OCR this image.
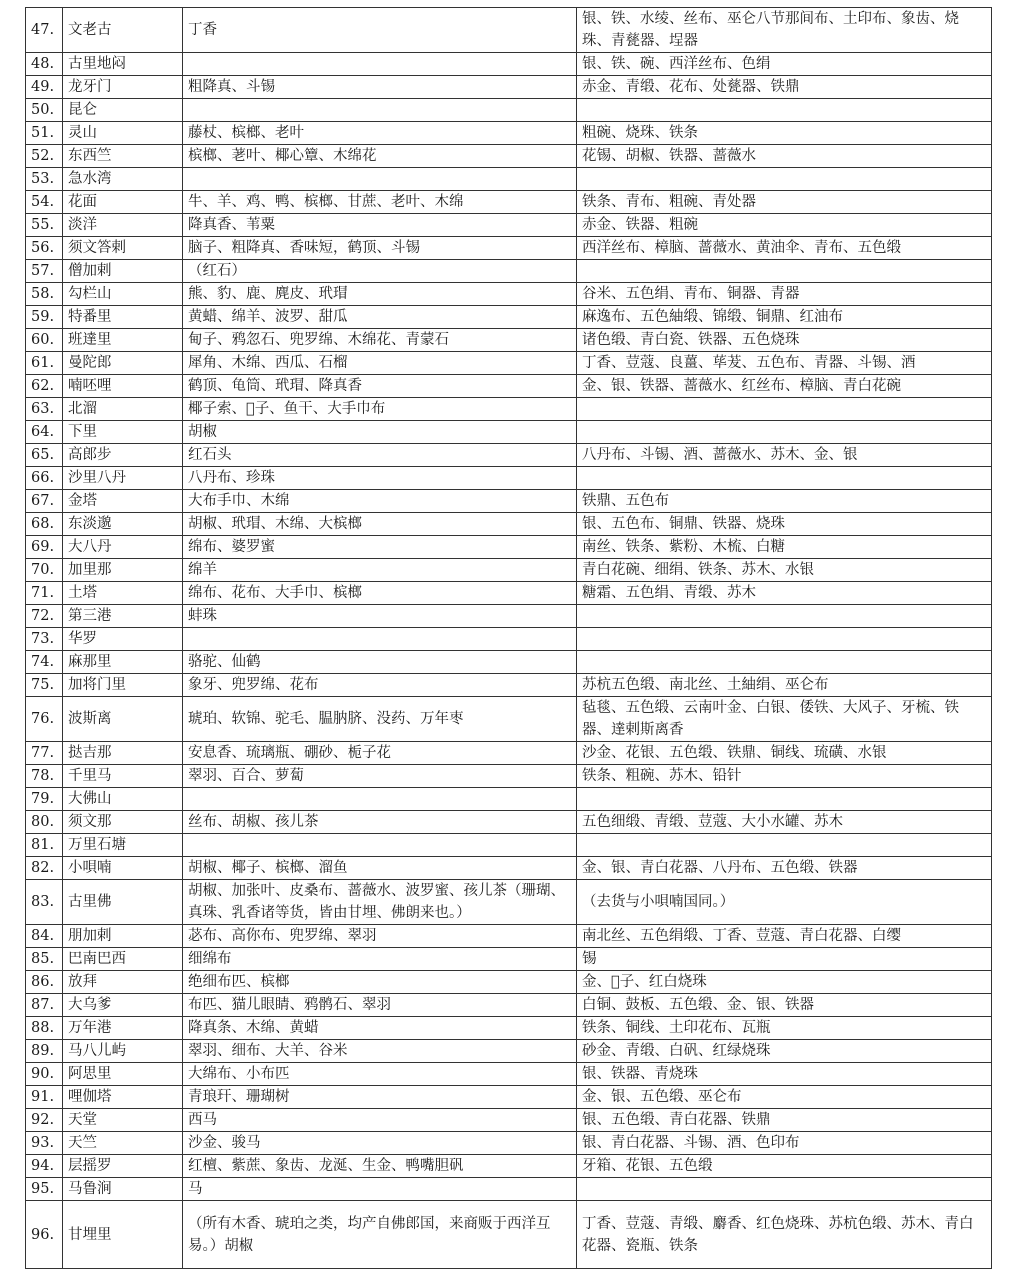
47.	文老古	丁香	银、铁、水绫、丝布、巫仑八节那间布、土印布、象齿、烧珠、青甆器、埕器
48.	古里地闷		银、铁、碗、西洋丝布、色绢
49.	龙牙门	粗降真、斗锡	赤金、青缎、花布、处甆器、铁鼎
50.	昆仑		
51.	灵山	藤杖、槟榔、老叶	粗碗、烧珠、铁条
52.	东西竺	槟榔、荖叶、椰心簟、木绵花	花锡、胡椒、铁器、蔷薇水
53.	急水湾		
54.	花面	牛、羊、鸡、鸭、槟榔、甘蔗、老叶、木绵	铁条、青布、粗碗、青处器
55.	淡洋	降真香、苇粟	赤金、铁器、粗碗
56.	须文答剌	脑子、粗降真、香味短，鹤顶、斗锡	西洋丝布、樟脑、蔷薇水、黄油伞、青布、五色缎
57.	僧加剌	（红石）	
58.	勾栏山	熊、豹、鹿、麂皮、玳瑁	谷米、五色绢、青布、铜器、青器
59.	特番里	黄蜡、绵羊、波罗、甜瓜	麻逸布、五色紬缎、锦缎、铜鼎、红油布
60.	班達里	甸子、鸦忽石、兜罗绵、木绵花、青蒙石	诸色缎、青白瓷、铁器、五色烧珠
61.	曼陀郎	犀角、木绵、西瓜、石榴	丁香、荳蔻、良薑、荜茇、五色布、青器、斗锡、酒
62.	喃呸哩	鹤顶、龟筒、玳瑁、降真香	金、银、铁器、蔷薇水、红丝布、樟脑、青白花碗
63.	北溜	椰子索、𧴩子、鱼干、大手巾布	
64.	下里	胡椒	
65.	高郎步	红石头	八丹布、斗锡、酒、蔷薇水、苏木、金、银
66.	沙里八丹	八丹布、珍珠	
67.	金塔	大布手巾、木绵	铁鼎、五色布
68.	东淡邈	胡椒、玳瑁、木绵、大槟榔	银、五色布、铜鼎、铁器、烧珠
69.	大八丹	绵布、婆罗蜜	南丝、铁条、紫粉、木梳、白糖
70.	加里那	绵羊	青白花碗、细绢、铁条、苏木、水银
71.	土塔	绵布、花布、大手巾、槟榔	糖霜、五色绢、青缎、苏木
72.	第三港	蚌珠	
73.	华罗		
74.	麻那里	骆驼、仙鹤	
75.	加将门里	象牙、兜罗绵、花布	苏杭五色缎、南北丝、土紬绢、巫仑布
76.	波斯离	琥珀、软锦、驼毛、腽肭脐、没药、万年枣	毡毯、五色缎、云南叶金、白银、倭铁、大风子、牙梳、铁器、達剌斯离香
77.	挞吉那	安息香、琉璃瓶、硼砂、栀子花	沙金、花银、五色缎、铁鼎、铜线、琉磺、水银
78.	千里马	翠羽、百合、萝蔔	铁条、粗碗、苏木、铅针
79.	大佛山		
80.	须文那	丝布、胡椒、孩儿茶	五色细缎、青缎、荳蔻、大小水罐、苏木
81.	万里石塘		
82.	小唄喃	胡椒、椰子、槟榔、溜鱼	金、银、青白花器、八丹布、五色缎、铁器
83.	古里佛	胡椒、加张叶、皮桑布、蔷薇水、波罗蜜、孩儿茶（珊瑚、真珠、乳香诸等货，皆由甘埋、佛朗来也。）	（去货与小唄喃国同。）
84.	朋加剌	苾布、高你布、兜罗绵、翠羽	南北丝、五色绢缎、丁香、荳蔻、青白花器、白缨
85.	巴南巴西	细绵布	锡
86.	放拜	绝细布匹、槟榔	金、𧴩子、红白烧珠
87.	大乌爹	布匹、猫儿眼睛、鸦鹘石、翠羽	白铜、鼓板、五色缎、金、银、铁器
88.	万年港	降真条、木绵、黄蜡	铁条、铜线、土印花布、瓦瓶
89.	马八儿屿	翠羽、细布、大羊、谷米	砂金、青缎、白矾、红绿烧珠
90.	阿思里	大绵布、小布匹	银、铁器、青烧珠
91.	哩伽塔	青琅玕、珊瑚树	金、银、五色缎、巫仑布
92.	天堂	西马	银、五色缎、青白花器、铁鼎
93.	天竺	沙金、骏马	银、青白花器、斗锡、酒、色印布
94.	层摇罗	红檀、紫蔗、象齿、龙涎、生金、鸭嘴胆矾	牙箱、花银、五色缎
95.	马鲁涧	马	
96.	甘埋里	（所有木香、琥珀之类，均产自佛郎国，来商贩于西洋互易。）胡椒	丁香、荳蔻、青缎、麝香、红色烧珠、苏杭色缎、苏木、青白花器、瓷瓶、铁条
